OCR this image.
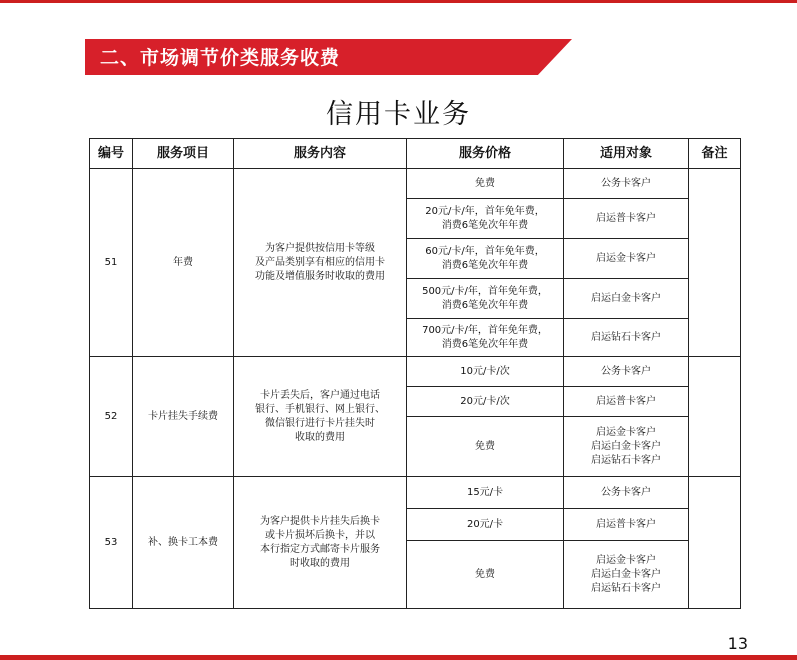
二、市场调节价类服务收费
信用卡业务
编号	服务项目	服务内容	服务价格	适用对象	备注
51	年费	为客户提供按信用卡等级
及产品类别享有相应的信用卡
功能及增值服务时收取的费用	免费	公务卡客户	
			20元/卡/年，首年免年费，
消费6笔免次年年费	启运普卡客户	
			60元/卡/年，首年免年费，
消费6笔免次年年费	启运金卡客户	
			500元/卡/年，首年免年费，
消费6笔免次年年费	启运白金卡客户	
			700元/卡/年，首年免年费，
消费6笔免次年年费	启运钻石卡客户	
52	卡片挂失手续费	卡片丢失后，客户通过电话
银行、手机银行、网上银行、
微信银行进行卡片挂失时
收取的费用	10元/卡/次	公务卡客户	
			20元/卡/次	启运普卡客户	
			免费	启运金卡客户
启运白金卡客户
启运钻石卡客户	
53	补、换卡工本费	为客户提供卡片挂失后换卡
或卡片损坏后换卡，并以
本行指定方式邮寄卡片服务
时收取的费用	15元/卡	公务卡客户	
			20元/卡	启运普卡客户	
			免费	启运金卡客户
启运白金卡客户
启运钻石卡客户	
13
